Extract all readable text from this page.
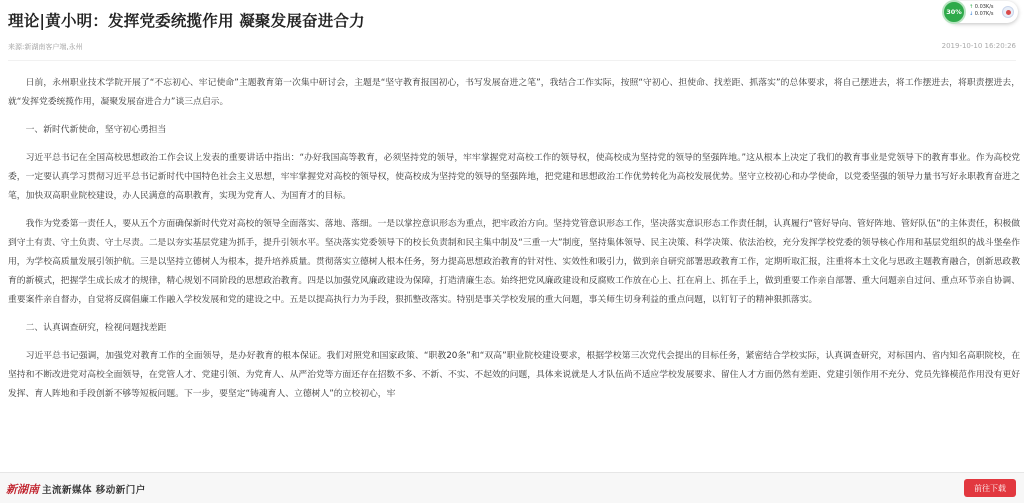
理论|黄小明：发挥党委统揽作用 凝聚发展奋进合力
来源:新湖南客户端,永州	2019-10-10 16:20:26

日前，永州职业技术学院开展了“不忘初心、牢记使命”主题教育第一次集中研讨会，主题是“坚守教育报国初心，书写发展奋进之笔”，我结合工作实际，按照“守初心、担使命、找差距、抓落实”的总体要求，将自己摆进去，将工作摆进去，将职责摆进去，就“发挥党委统揽作用，凝聚发展奋进合力”谈三点启示。

一、新时代新使命，坚守初心勇担当

习近平总书记在全国高校思想政治工作会议上发表的重要讲话中指出：“办好我国高等教育，必须坚持党的领导，牢牢掌握党对高校工作的领导权，使高校成为坚持党的领导的坚强阵地。”这从根本上决定了我们的教育事业是党领导下的教育事业。作为高校党委，一定要认真学习贯彻习近平总书记新时代中国特色社会主义思想，牢牢掌握党对高校的领导权，使高校成为坚持党的领导的坚强阵地，把党建和思想政治工作优势转化为高校发展优势。坚守立校初心和办学使命，以党委坚强的领导力量书写好永职教育奋进之笔，加快双高职业院校建设，办人民满意的高职教育，实现为党育人、为国育才的目标。

我作为党委第一责任人，要从五个方面确保新时代党对高校的领导全面落实、落地、落细。一是以掌控意识形态为重点，把牢政治方向。坚持党管意识形态工作，坚决落实意识形态工作责任制，认真履行“管好导向、管好阵地、管好队伍”的主体责任，积极做到守土有责、守土负责、守土尽责。二是以夯实基层党建为抓手，提升引领水平。坚决落实党委领导下的校长负责制和民主集中制及“三重一大”制度，坚持集体领导、民主决策、科学决策、依法治校，充分发挥学校党委的领导核心作用和基层党组织的战斗堡垒作用，为学校高质量发展引领护航。三是以坚持立德树人为根本，提升培养质量。贯彻落实立德树人根本任务，努力提高思想政治教育的针对性、实效性和吸引力，做到亲自研究部署思政教育工作，定期听取汇报，注重将本土文化与思政主题教育融合，创新思政教育的新模式，把握学生成长成才的规律，精心规划不同阶段的思想政治教育。四是以加强党风廉政建设为保障，打造清廉生态。始终把党风廉政建设和反腐败工作放在心上、扛在肩上、抓在手上，做到重要工作亲自部署、重大问题亲自过问、重点环节亲自协调、重要案件亲自督办，自觉将反腐倡廉工作融入学校发展和党的建设之中。五是以提高执行力为手段，狠抓整改落实。特别是事关学校发展的重大问题，事关师生切身利益的重点问题，以钉钉子的精神狠抓落实。

二、认真调查研究，检视问题找差距

习近平总书记强调，加强党对教育工作的全面领导，是办好教育的根本保证。我们对照党和国家政策、“职教20条”和“双高”职业院校建设要求，根据学校第三次党代会提出的目标任务，紧密结合学校实际，认真调查研究，对标国内、省内知名高职院校，在坚持和不断改进党对高校全面领导，在党管人才、党建引领、为党育人、从严治党等方面还存在招数不多、不新、不实、不起效的问题，具体来说就是人才队伍尚不适应学校发展要求、留住人才方面仍然有差距、党建引领作用不充分、党员先锋模范作用没有更好发挥、育人阵地和手段创新不够等短板问题。下一步，要坚定“铸魂育人、立德树人”的立校初心，牢

30%
↑ 0.03K/s
↓ 0.07K/s
新湖南 主流新媒体 移动新门户	前往下载
